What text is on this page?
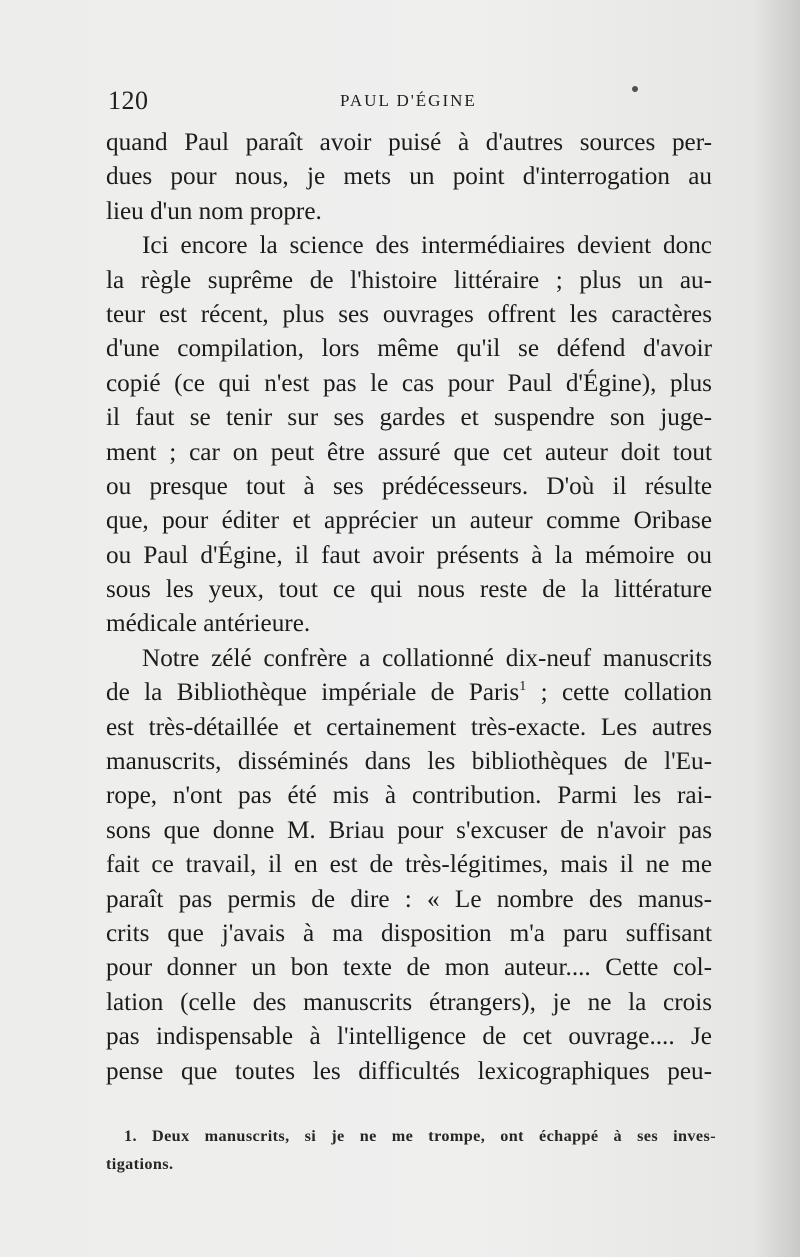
120	PAUL D'ÉGINE
quand Paul paraît avoir puisé à d'autres sources per-
dues pour nous, je mets un point d'interrogation au
lieu d'un nom propre.
Ici encore la science des intermédiaires devient donc
la règle suprême de l'histoire littéraire ; plus un au-
teur est récent, plus ses ouvrages offrent les caractères
d'une compilation, lors même qu'il se défend d'avoir
copié (ce qui n'est pas le cas pour Paul d'Égine), plus
il faut se tenir sur ses gardes et suspendre son juge-
ment ; car on peut être assuré que cet auteur doit tout
ou presque tout à ses prédécesseurs. D'où il résulte
que, pour éditer et apprécier un auteur comme Oribase
ou Paul d'Égine, il faut avoir présents à la mémoire ou
sous les yeux, tout ce qui nous reste de la littérature
médicale antérieure.
Notre zélé confrère a collationné dix-neuf manuscrits
de la Bibliothèque impériale de Paris$^1$ ; cette collation
est très-détaillée et certainement très-exacte. Les autres
manuscrits, disséminés dans les bibliothèques de l'Eu-
rope, n'ont pas été mis à contribution. Parmi les rai-
sons que donne M. Briau pour s'excuser de n'avoir pas
fait ce travail, il en est de très-légitimes, mais il ne me
paraît pas permis de dire : « Le nombre des manus-
crits que j'avais à ma disposition m'a paru suffisant
pour donner un bon texte de mon auteur.... Cette col-
lation (celle des manuscrits étrangers), je ne la crois
pas indispensable à l'intelligence de cet ouvrage.... Je
pense que toutes les difficultés lexicographiques peu-
1. Deux manuscrits, si je ne me trompe, ont échappé à ses inves-
tigations.
